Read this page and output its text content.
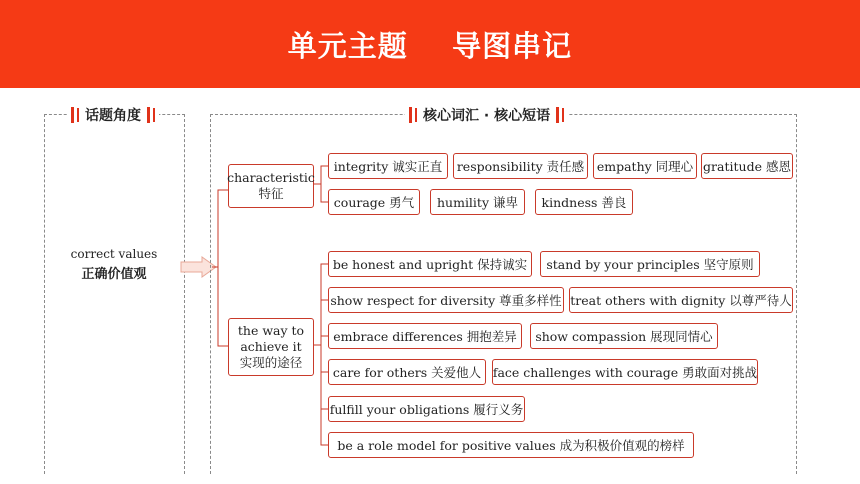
单元主题    导图串记
话题角度
correct values
正确价值观
核心词汇 · 核心短语
characteristic
特征
the way to
achieve it
实现的途径
integrity 诚实正直	responsibility 责任感	empathy 同理心 gratitude 感恩
courage 勇气	humility 谦卑	kindness 善良
be honest and upright 保持诚实	stand by your principles 坚守原则
show respect for diversity 尊重多样性 treat others with dignity 以尊严待人
embrace differences 拥抱差异	show compassion 展现同情心
care for others 关爱他人 face challenges with courage 勇敢面对挑战
fulfill your obligations 履行义务
be a role model for positive values 成为积极价值观的榜样
